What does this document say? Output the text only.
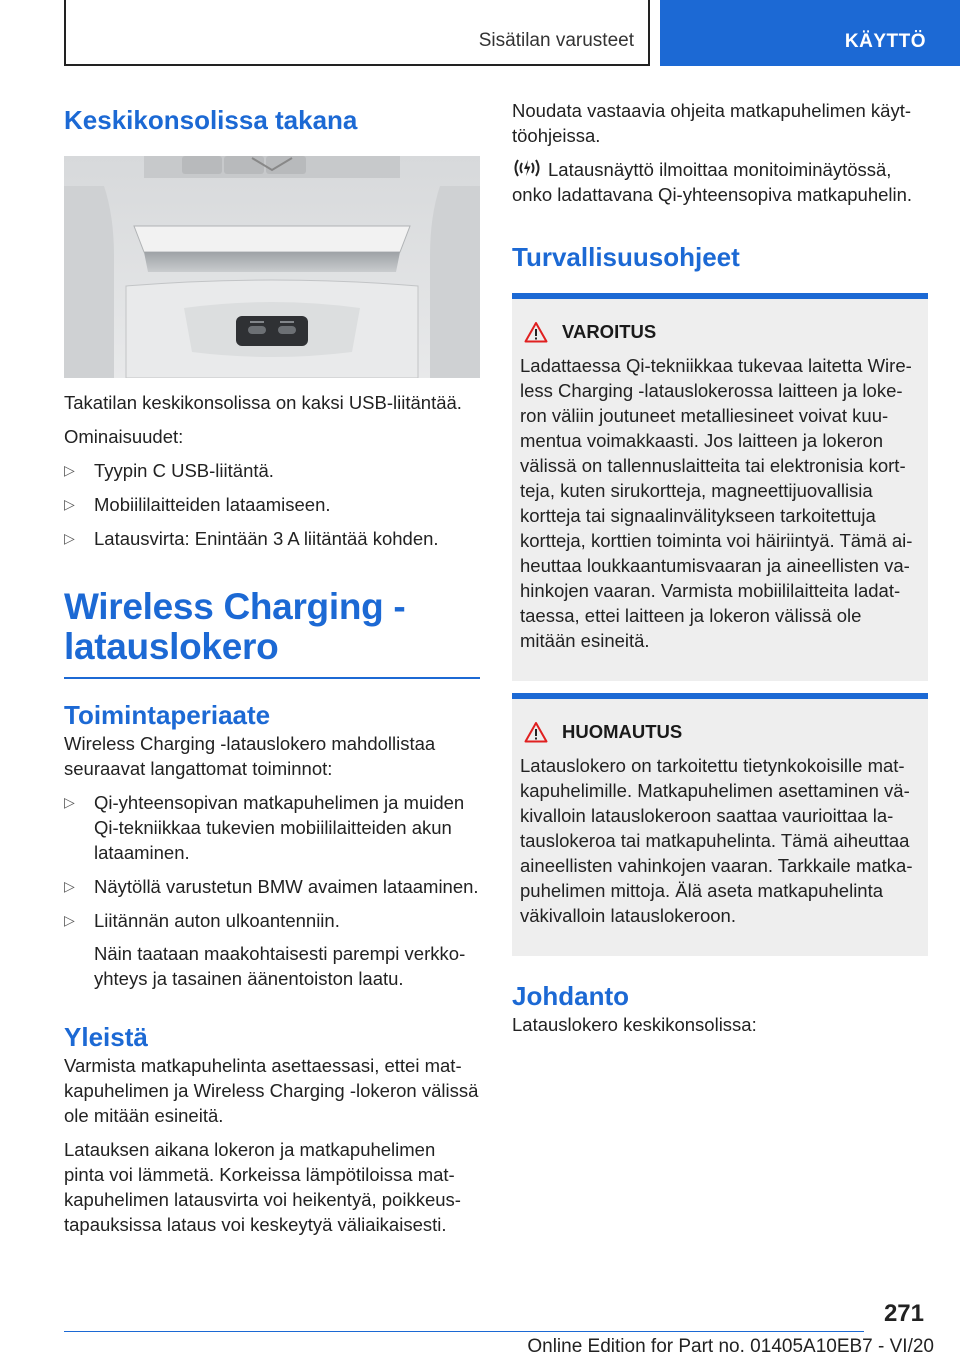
Sisätilan varusteet	KÄYTTÖ
Keskikonsolissa takana

Takatilan keskikonsolissa on kaksi USB-liitäntää.

Ominaisuudet:

▷ Tyypin C USB-liitäntä.
▷ Mobiililaitteiden lataamiseen.
▷ Latausvirta: Enintään 3 A liitäntää kohden.
Wireless Charging -
latauslokero
Toimintaperiaate

Wireless Charging -latauslokero mahdollistaa seuraavat langattomat toiminnot:

▷ Qi-yhteensopivan matkapuhelimen ja muiden Qi-tekniikkaa tukevien mobiililaitteiden akun lataaminen.
▷ Näytöllä varustetun BMW avaimen lataaminen.
▷ Liitännän auton ulkoantenniin.

Näin taataan maakohtaisesti parempi verkkoyhteys ja tasainen äänentoiston laatu.

Yleistä

Varmista matkapuhelinta asettaessasi, ettei matkapuhelimen ja Wireless Charging -lokeron välissä ole mitään esineitä.

Latauksen aikana lokeron ja matkapuhelimen pinta voi lämmetä. Korkeissa lämpötiloissa matkapuhelimen latausvirta voi heikentyä, poikkeustapauksissa lataus voi keskeytyä väliaikaisesti.

Noudata vastaavia ohjeita matkapuhelimen käyttöohjeissa.

Latausnäyttö ilmoittaa monitoiminäytössä, onko ladattavana Qi-yhteensopiva matkapuhelin.

Turvallisuusohjeet
VAROITUS

Ladattaessa Qi-tekniikkaa tukevaa laitetta Wireless Charging -latauslokerossa laitteen ja lokeron väliin joutuneet metalliesineet voivat kuumentua voimakkaasti. Jos laitteen ja lokeron välissä on tallennuslaitteita tai elektronisia kortteja, kuten sirukortteja, magneettijuovallisia kortteja tai signaalinvälitykseen tarkoitettuja kortteja, korttien toiminta voi häiriintyä. Tämä aiheuttaa loukkaantumisvaaran ja aineellisten vahinkojen vaaran. Varmista mobiililaitteita ladattaessa, ettei laitteen ja lokeron välissä ole mitään esineitä.

HUOMAUTUS

Latauslokero on tarkoitettu tietynkokoisille matkapuhelimille. Matkapuhelimen asettaminen väkivalloin latauslokeroon saattaa vaurioittaa latauslokeroa tai matkapuhelinta. Tämä aiheuttaa aineellisten vahinkojen vaaran. Tarkkaile matkapuhelimen mittoja. Älä aseta matkapuhelinta väkivalloin latauslokeroon.

Johdanto

Latauslokero keskikonsolissa:

271
Online Edition for Part no. 01405A10EB7 - VI/20
